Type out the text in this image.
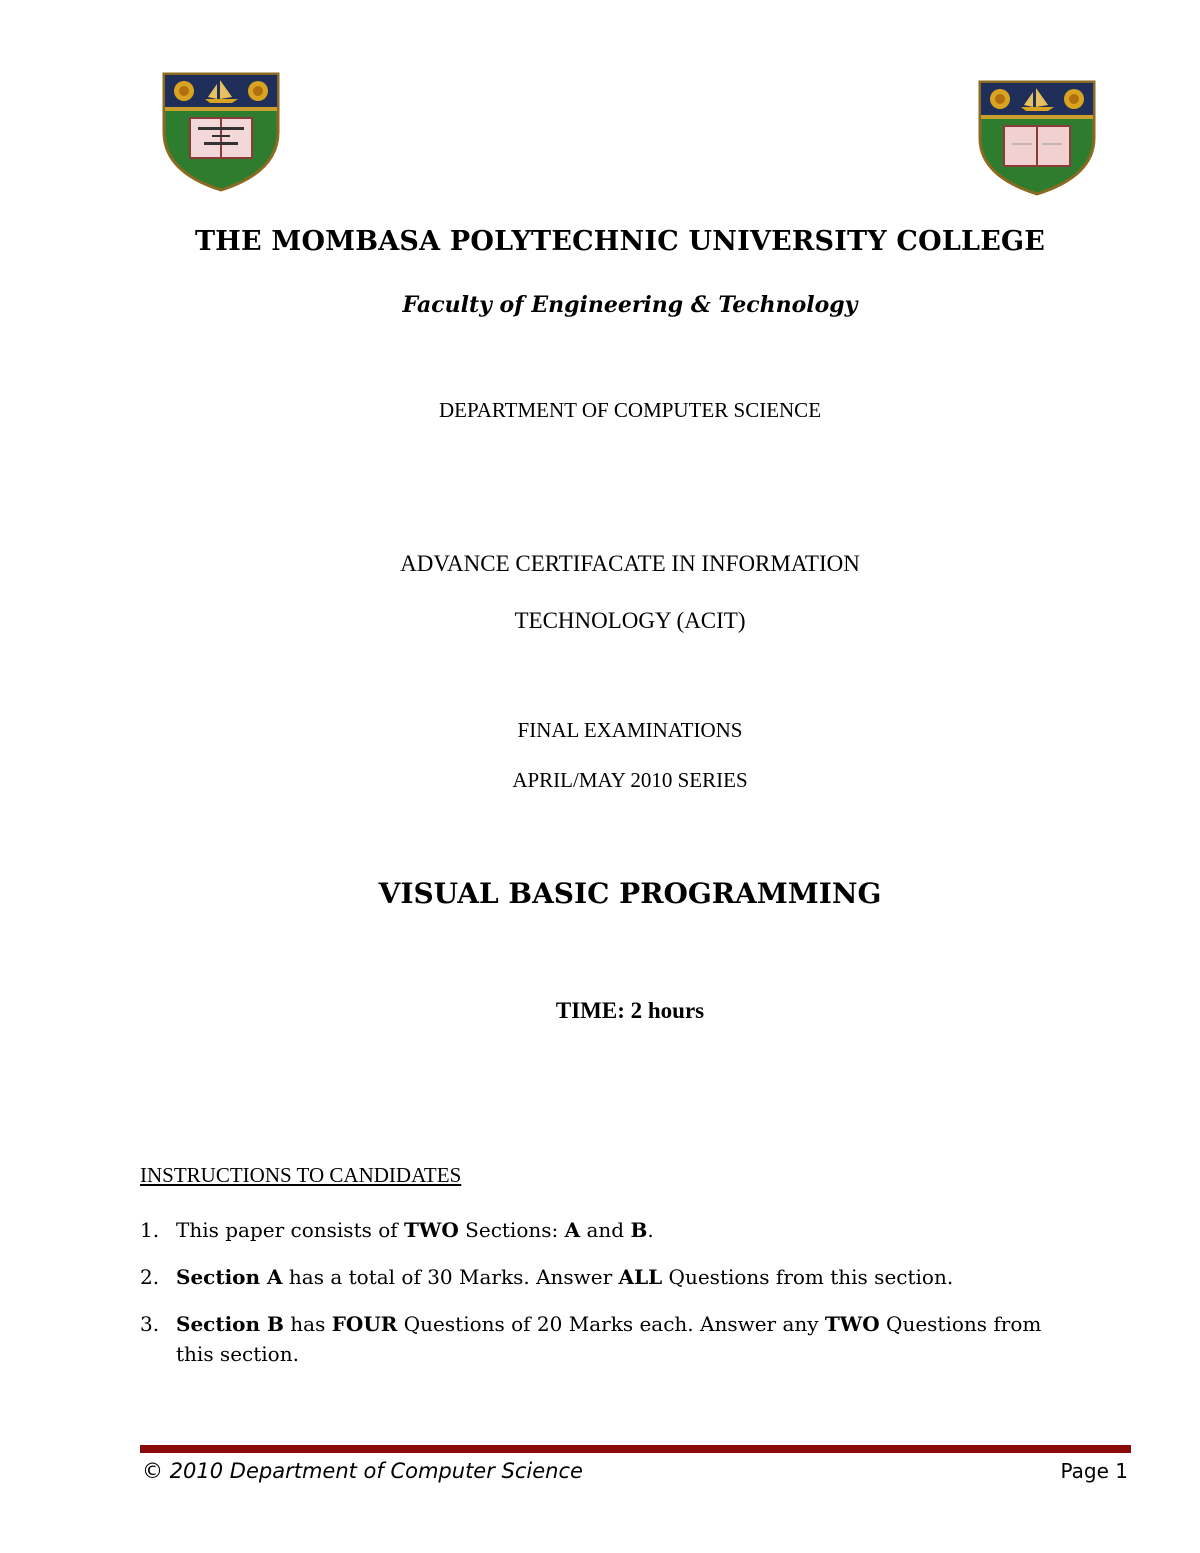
THE MOMBASA POLYTECHNIC UNIVERSITY COLLEGE
Faculty of Engineering & Technology
DEPARTMENT OF COMPUTER SCIENCE
ADVANCE CERTIFACATE IN INFORMATION
TECHNOLOGY (ACIT)
FINAL EXAMINATIONS
APRIL/MAY 2010 SERIES
VISUAL BASIC PROGRAMMING
TIME: 2 hours
INSTRUCTIONS TO CANDIDATES
1. This paper consists of TWO Sections: A and B.
2. Section A has a total of 30 Marks. Answer ALL Questions from this section.
3. Section B has FOUR Questions of 20 Marks each. Answer any TWO Questions from this section.
© 2010 Department of Computer Science	Page 1
